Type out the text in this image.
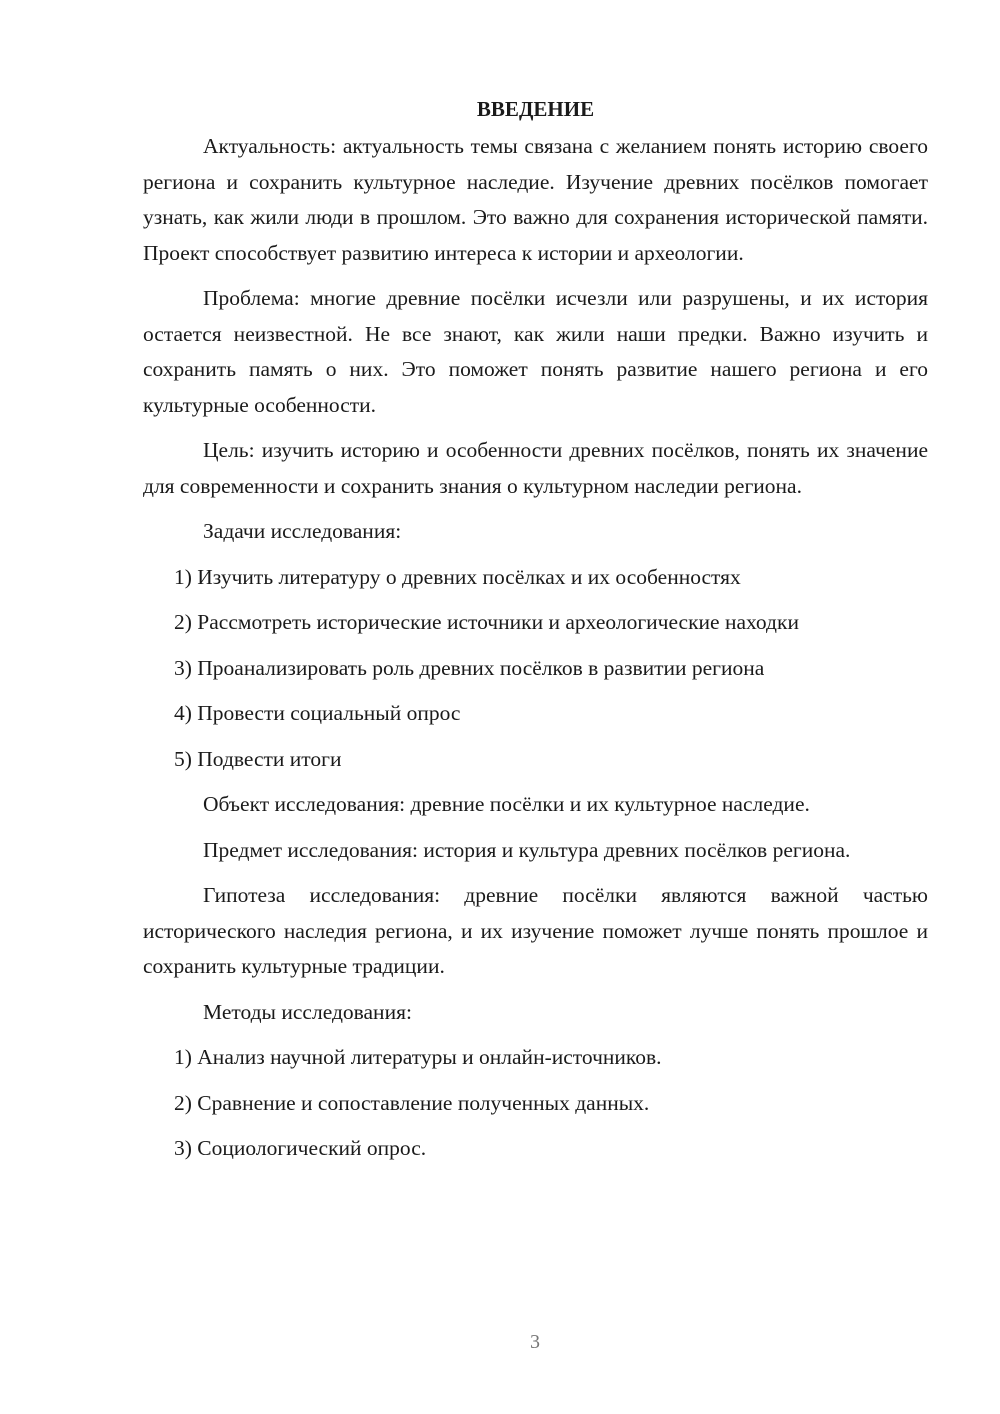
ВВЕДЕНИЕ

Актуальность: актуальность темы связана с желанием понять историю своего региона и сохранить культурное наследие. Изучение древних посёлков помогает узнать, как жили люди в прошлом. Это важно для сохранения исторической памяти. Проект способствует развитию интереса к истории и археологии.

Проблема: многие древние посёлки исчезли или разрушены, и их история остается неизвестной. Не все знают, как жили наши предки. Важно изучить и сохранить память о них. Это поможет понять развитие нашего региона и его культурные особенности.

Цель: изучить историю и особенности древних посёлков, понять их значение для современности и сохранить знания о культурном наследии региона.

Задачи исследования:

1) Изучить литературу о древних посёлках и их особенностях

2) Рассмотреть исторические источники и археологические находки

3) Проанализировать роль древних посёлков в развитии региона

4) Провести социальный опрос

5) Подвести итоги

Объект исследования: древние посёлки и их культурное наследие.

Предмет исследования: история и культура древних посёлков региона.

Гипотеза исследования: древние посёлки являются важной частью исторического наследия региона, и их изучение поможет лучше понять прошлое и сохранить культурные традиции.

Методы исследования:

1) Анализ научной литературы и онлайн-источников.

2) Сравнение и сопоставление полученных данных.

3) Социологический опрос.

3
